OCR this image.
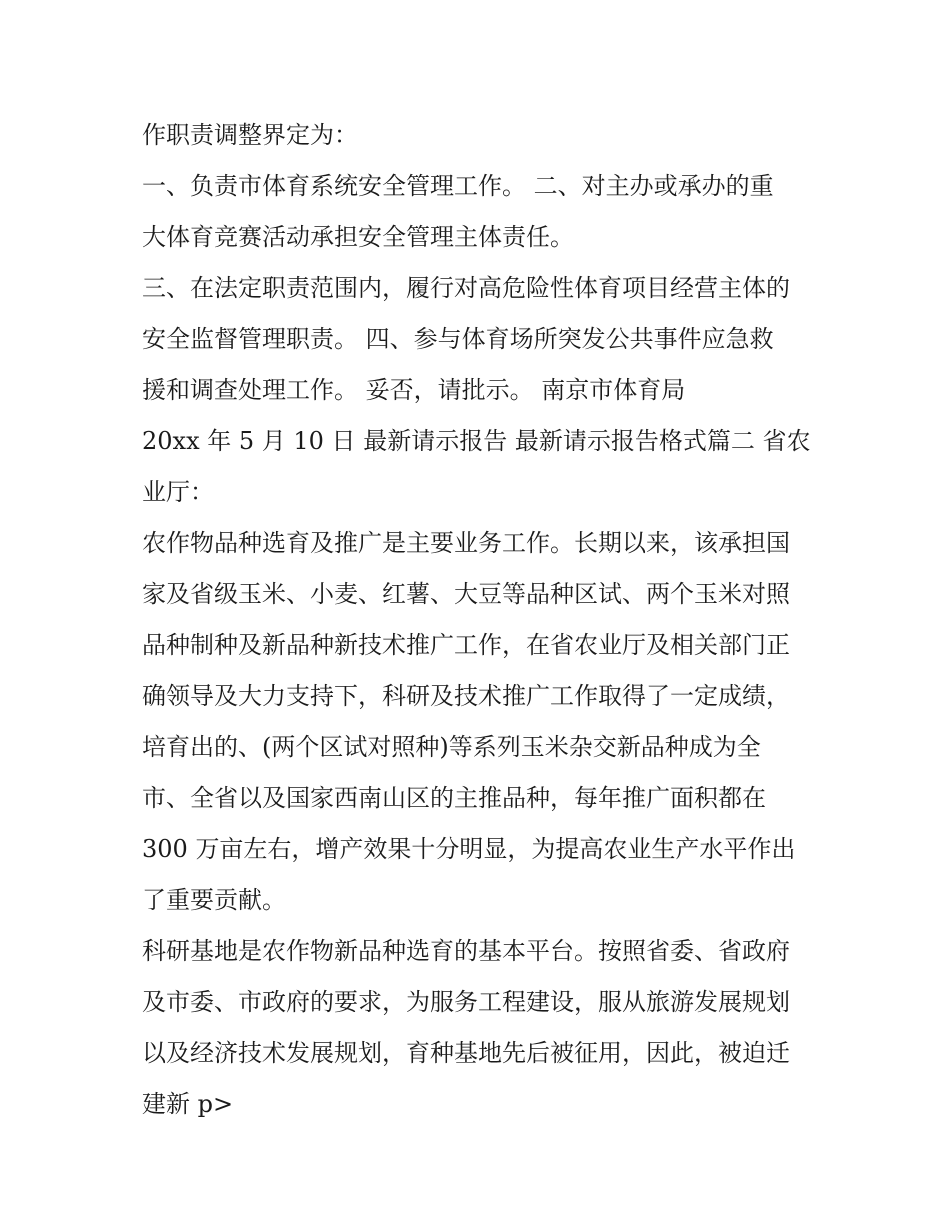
作职责调整界定为：
一、负责市体育系统安全管理工作。 二、对主办或承办的重
大体育竞赛活动承担安全管理主体责任。
三、在法定职责范围内，履行对高危险性体育项目经营主体的
安全监督管理职责。 四、参与体育场所突发公共事件应急救
援和调查处理工作。 妥否，请批示。 南京市体育局
20xx 年 5 月 10 日 最新请示报告 最新请示报告格式篇二 省农
业厅：
农作物品种选育及推广是主要业务工作。长期以来，该承担国
家及省级玉米、小麦、红薯、大豆等品种区试、两个玉米对照
品种制种及新品种新技术推广工作，在省农业厅及相关部门正
确领导及大力支持下，科研及技术推广工作取得了一定成绩，
培育出的、(两个区试对照种)等系列玉米杂交新品种成为全
市、全省以及国家西南山区的主推品种，每年推广面积都在
300 万亩左右，增产效果十分明显，为提高农业生产水平作出
了重要贡献。
科研基地是农作物新品种选育的基本平台。按照省委、省政府
及市委、市政府的要求，为服务工程建设，服从旅游发展规划
以及经济技术发展规划，育种基地先后被征用，因此，被迫迁
建新 p>
